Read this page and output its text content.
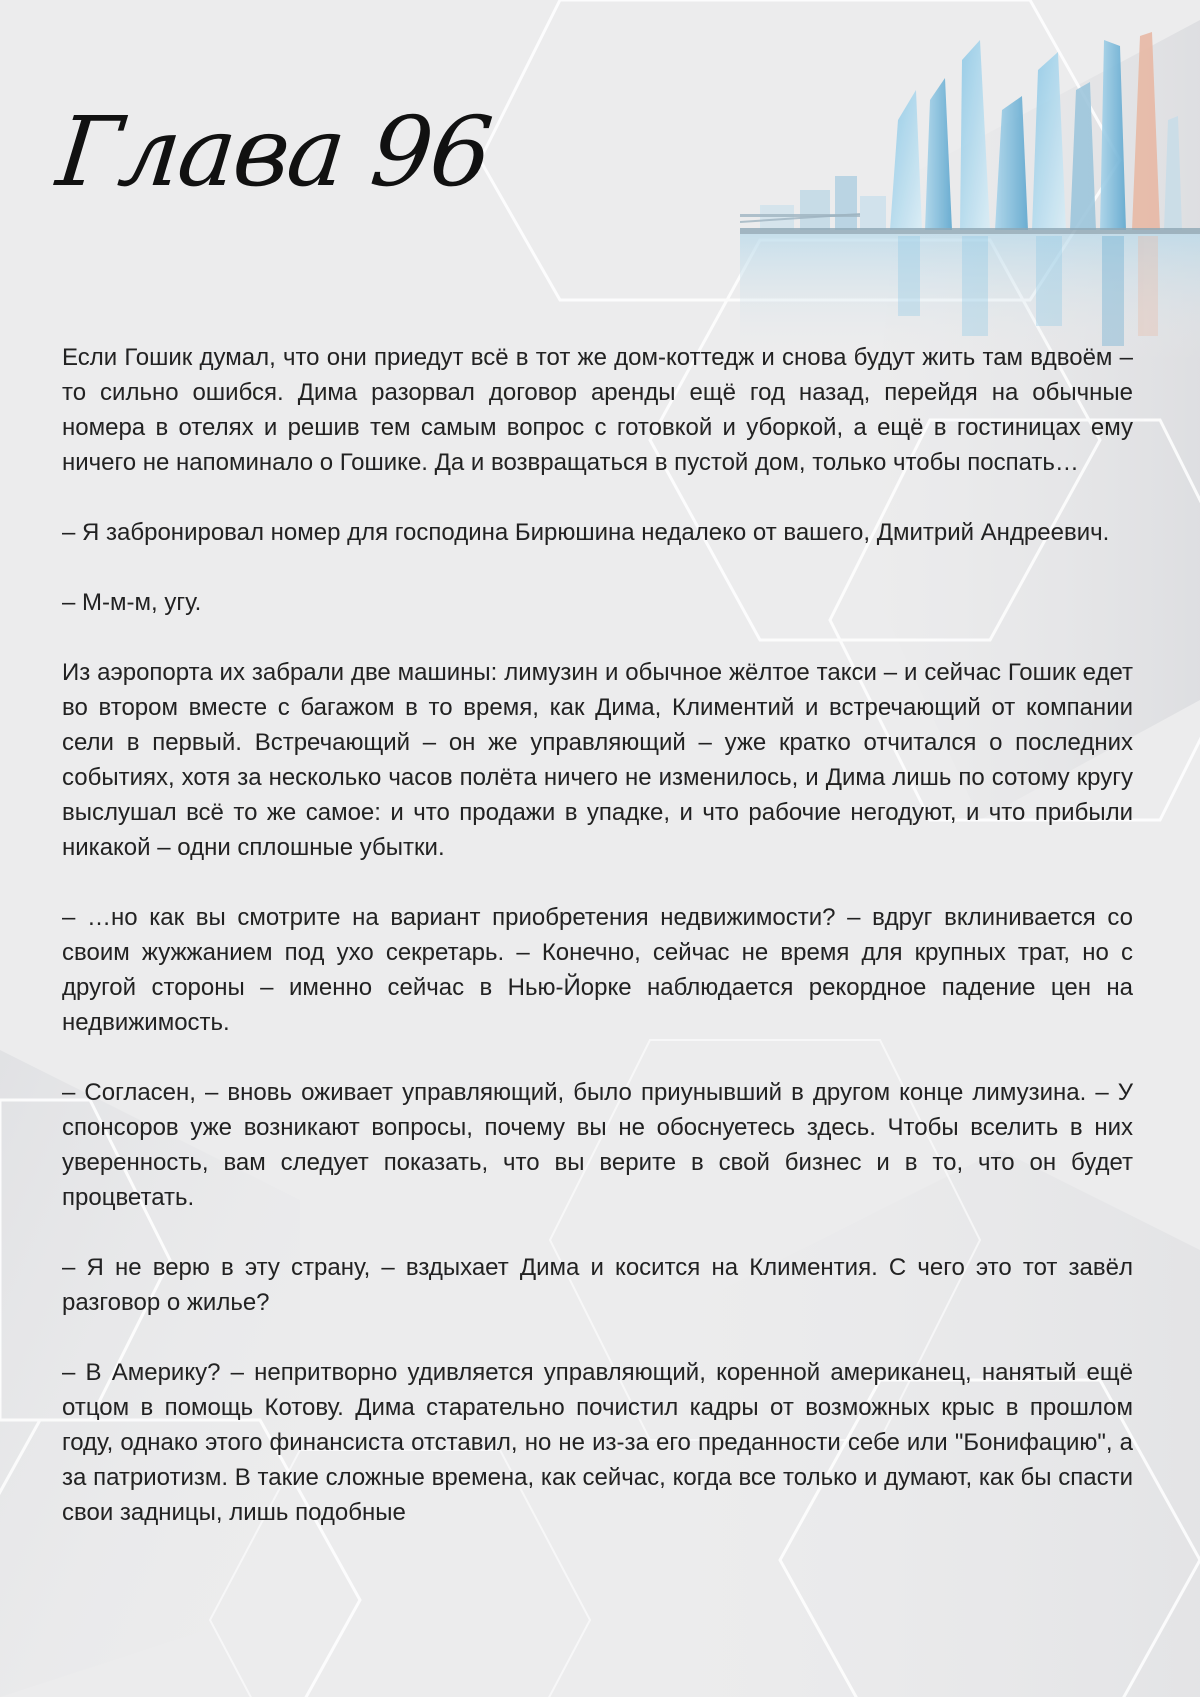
Глава 96

Если Гошик думал, что они приедут всё в тот же дом-коттедж и снова будут жить там вдвоём – то сильно ошибся. Дима разорвал договор аренды ещё год назад, перейдя на обычные номера в отелях и решив тем самым вопрос с готовкой и уборкой, а ещё в гостиницах ему ничего не напоминало о Гошике. Да и возвращаться в пустой дом, только чтобы поспать…

– Я забронировал номер для господина Бирюшина недалеко от вашего, Дмитрий Андреевич.

– М-м-м, угу.

Из аэропорта их забрали две машины: лимузин и обычное жёлтое такси – и сейчас Гошик едет во втором вместе с багажом в то время, как Дима, Климентий и встречающий от компании сели в первый. Встречающий – он же управляющий – уже кратко отчитался о последних событиях, хотя за несколько часов полёта ничего не изменилось, и Дима лишь по сотому кругу выслушал всё то же самое: и что продажи в упадке, и что рабочие негодуют, и что прибыли никакой – одни сплошные убытки.

– …но как вы смотрите на вариант приобретения недвижимости? – вдруг вклинивается со своим жужжанием под ухо секретарь. – Конечно, сейчас не время для крупных трат, но с другой стороны – именно сейчас в Нью-Йорке наблюдается рекордное падение цен на недвижимость.

– Согласен, – вновь оживает управляющий, было приунывший в другом конце лимузина. – У спонсоров уже возникают вопросы, почему вы не обоснуетесь здесь. Чтобы вселить в них уверенность, вам следует показать, что вы верите в свой бизнес и в то, что он будет процветать.

– Я не верю в эту страну, – вздыхает Дима и косится на Климентия. С чего это тот завёл разговор о жилье?

– В Америку? – непритворно удивляется управляющий, коренной американец, нанятый ещё отцом в помощь Котову. Дима старательно почистил кадры от возможных крыс в прошлом году, однако этого финансиста отставил, но не из-за его преданности себе или "Бонифацию", а за патриотизм. В такие сложные времена, как сейчас, когда все только и думают, как бы спасти свои задницы, лишь подобные
